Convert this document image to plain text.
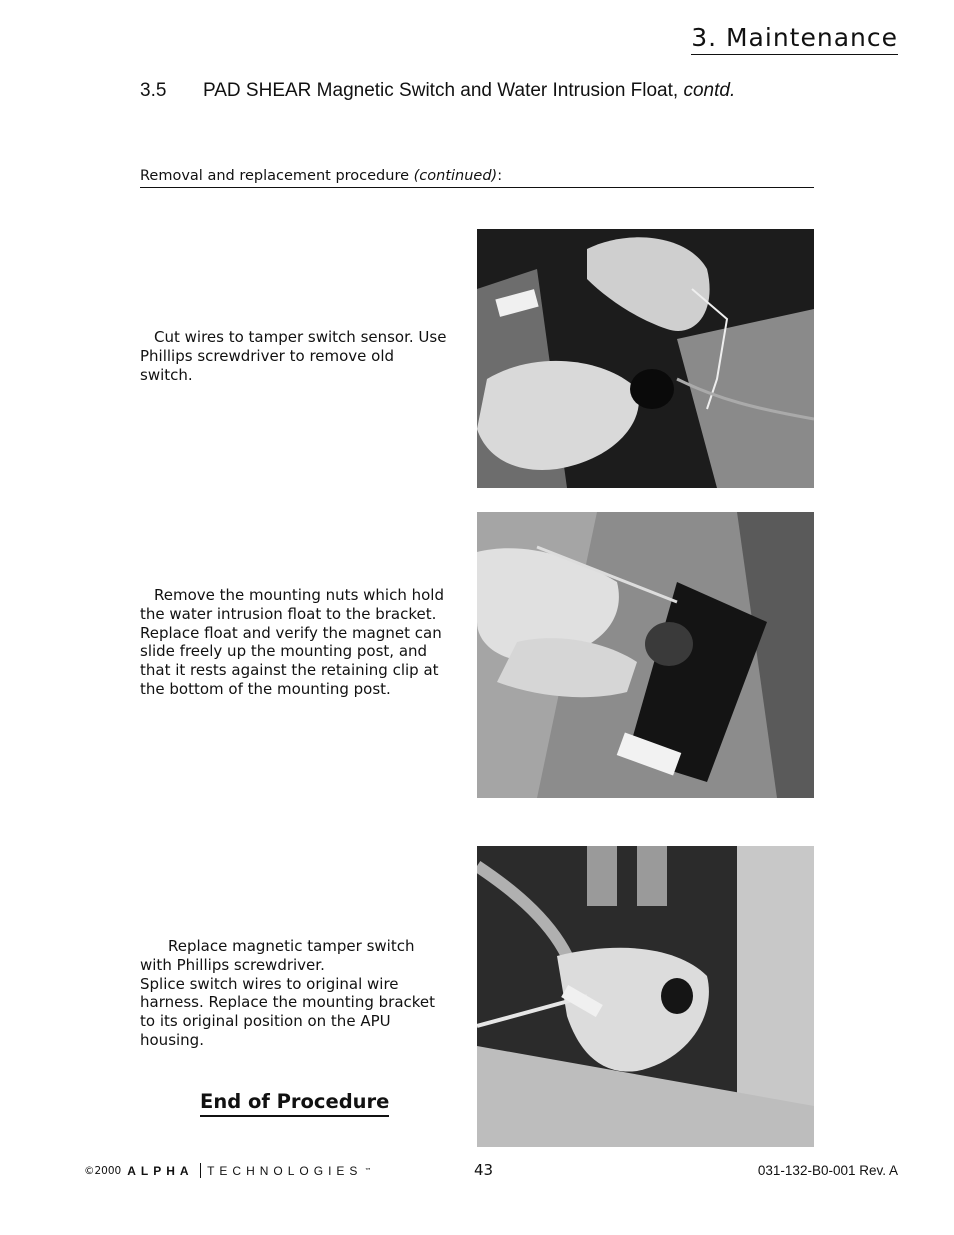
3. Maintenance
3.5 PAD SHEAR Magnetic Switch and Water Intrusion Float, contd.
Removal and replacement procedure (continued):
Cut wires to tamper switch sensor. Use Phillips screwdriver to remove old switch.
Remove the mounting nuts which hold the water intrusion float to the bracket. Replace float and verify the magnet can slide freely up the mounting post, and that it rests against the retaining clip at the bottom of the mounting post.
Replace magnetic tamper switch with Phillips screwdriver.
Splice switch wires to original wire harness. Replace the mounting bracket to its original position on the APU housing.
End of Procedure
©2000 ALPHA TECHNOLOGIES ™	43	031-132-B0-001 Rev. A
